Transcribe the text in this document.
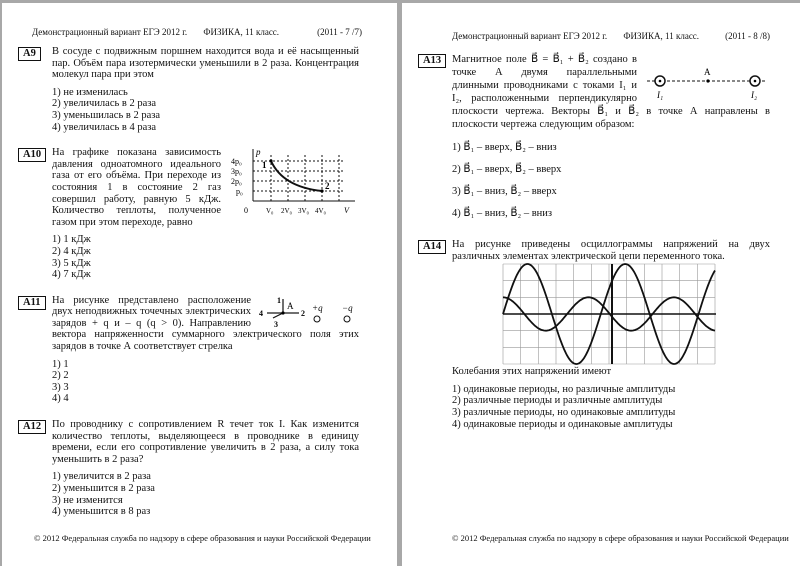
Демонстрационный вариант ЕГЭ 2012 г. ФИЗИКА, 11 класс.	(2011 - 7 /7)
A9	В сосуде с подвижным поршнем находится вода и её насыщенный пар. Объём пара изотермически уменьшили в 2 раза. Концентрация молекул пара при этом
1) не изменилась
2) увеличилась в 2 раза
3) уменьшилась в 2 раза
4) увеличилась в 4 раза
A10	p
4p₀
3p₀
2p₀
p₀
0	V₀ 2V₀ 3V₀ 4V₀ V
1
2
На графике показана зависимость давления одноатомного идеального газа от его объёма. При переходе из состояния 1 в состояние 2 газ совершил работу, равную 5 кДж. Количество теплоты, полученное газом при этом переходе, равно
1) 1 кДж
2) 4 кДж
3) 5 кДж
4) 7 кДж
A11	1
2
3
4
A +q −q
На рисунке представлено расположение двух неподвижных точечных электрических зарядов + q и – q (q > 0). Направлению вектора напряженности суммарного электрического поля этих зарядов в точке А соответствует стрелка
1) 1
2) 2
3) 3
4) 4
A12	По проводнику с сопротивлением R течет ток I. Как изменится количество теплоты, выделяющееся в проводнике в единицу времени, если его сопротивление увеличить в 2 раза, а силу тока уменьшить в 2 раза?
1) увеличится в 2 раза
2) уменьшится в 2 раза
3) не изменится
4) уменьшится в 8 раз
© 2012 Федеральная служба по надзору в сфере образования и науки Российской Федерации
Демонстрационный вариант ЕГЭ 2012 г. ФИЗИКА, 11 класс.	(2011 - 8 /8)
A13
A
I₁	I₂
Магнитное поле B⃗ = B⃗₁ + B⃗₂ создано в точке А двумя параллельными длинными проводниками с токами I₁ и I₂, расположенными перпендикулярно плоскости чертежа. Векторы B⃗₁ и B⃗₂ в точке А направлены в плоскости чертежа следующим образом:
1) B⃗₁ – вверх, B⃗₂ – вниз
2) B⃗₁ – вверх, B⃗₂ – вверх
3) B⃗₁ – вниз, B⃗₂ – вверх
4) B⃗₁ – вниз, B⃗₂ – вниз
A14	На рисунке приведены осциллограммы напряжений на двух различных элементах электрической цепи переменного тока.
Колебания этих напряжений имеют
1) одинаковые периоды, но различные амплитуды
2) различные периоды и различные амплитуды
3) различные периоды, но одинаковые амплитуды
4) одинаковые периоды и одинаковые амплитуды
© 2012 Федеральная служба по надзору в сфере образования и науки Российской Федерации
